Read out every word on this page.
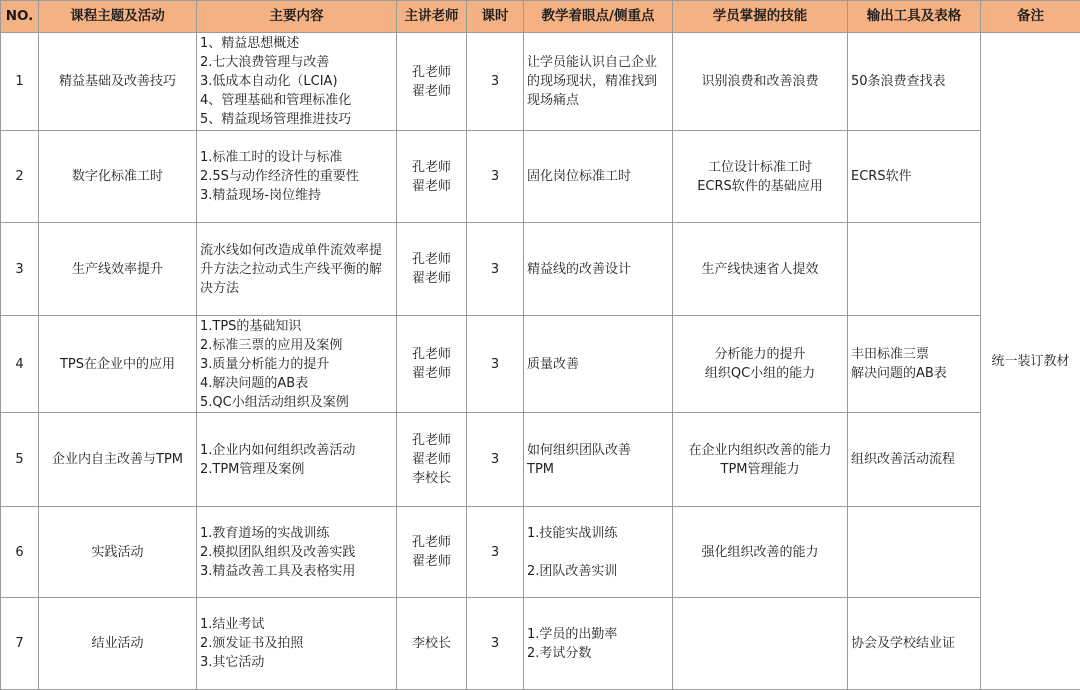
NO.	课程主题及活动	主要内容	主讲老师	课时	教学着眼点/侧重点	学员掌握的技能	输出工具及表格	备注
1	精益基础及改善技巧	1、精益思想概述
2.七大浪费管理与改善
3.低成本自动化（LCIA)
4、管理基础和管理标准化
5、精益现场管理推进技巧	孔老师
翟老师	3	让学员能认识自己企业的现场现状，精准找到现场痛点	识别浪费和改善浪费	50条浪费查找表	统一装订教材
2	数字化标准工时	1.标准工时的设计与标准
2.5S与动作经济性的重要性
3.精益现场-岗位维持	孔老师
翟老师	3	固化岗位标准工时	工位设计标准工时
ECRS软件的基础应用	ECRS软件	
3	生产线效率提升	流水线如何改造成单件流效率提升方法之拉动式生产线平衡的解决方法	孔老师
翟老师	3	精益线的改善设计	生产线快速省人提效		
4	TPS在企业中的应用	1.TPS的基础知识
2.标准三票的应用及案例
3.质量分析能力的提升
4.解决问题的AB表
5.QC小组活动组织及案例	孔老师
翟老师	3	质量改善	分析能力的提升
组织QC小组的能力	丰田标准三票
解决问题的AB表	
5	企业内自主改善与TPM	1.企业内如何组织改善活动
2.TPM管理及案例	孔老师
翟老师
李校长	3	如何组织团队改善
TPM	在企业内组织改善的能力
TPM管理能力	组织改善活动流程	
6	实践活动	1.教育道场的实战训练
2.模拟团队组织及改善实践
3.精益改善工具及表格实用	孔老师
翟老师	3	1.技能实战训练

2.团队改善实训	强化组织改善的能力		
7	结业活动	1.结业考试
2.颁发证书及拍照
3.其它活动	李校长	3	1.学员的出勤率
2.考试分数		协会及学校结业证	
